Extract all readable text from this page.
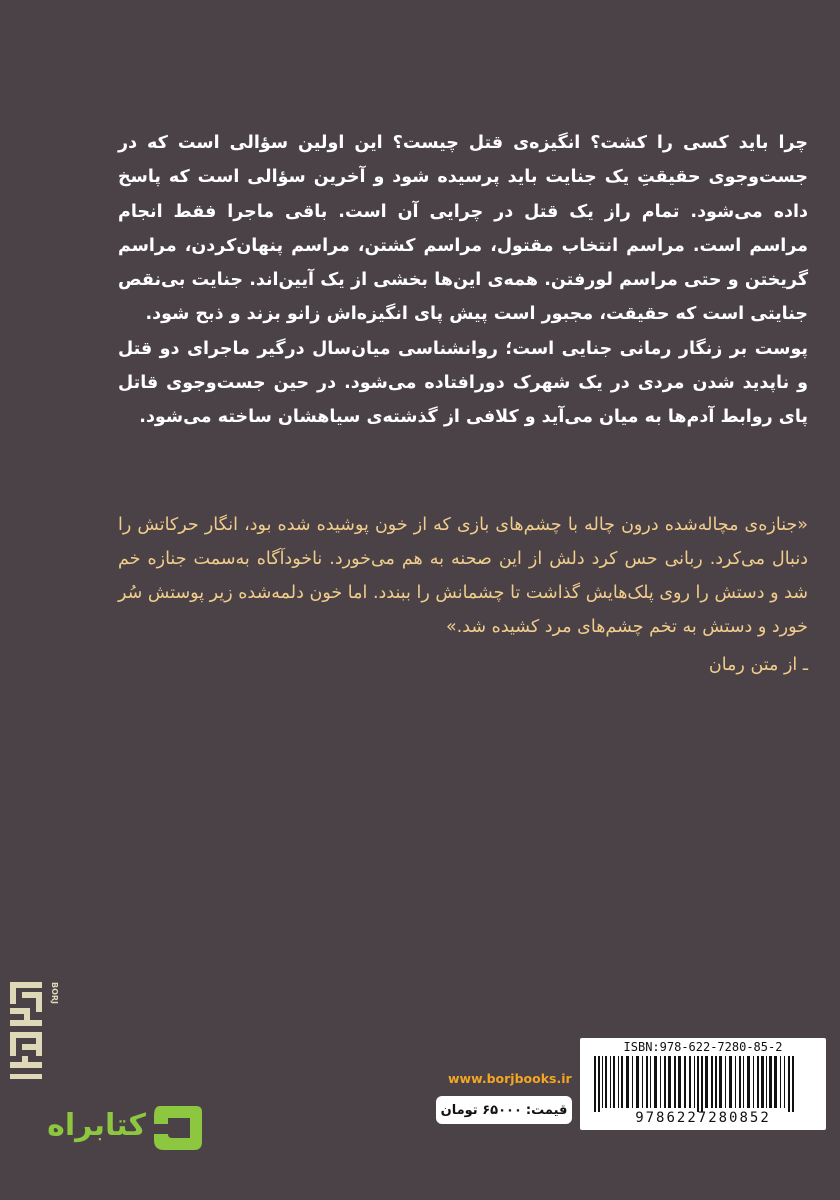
چرا باید کسی را کشت؟ انگیزه‌ی قتل چیست؟ این اولین سؤالی است که در جست‌وجوی حقیقتِ یک جنایت باید پرسیده شود و آخرین سؤالی است که پاسخ داده می‌شود. تمام راز یک قتل در چرایی آن است. باقی ماجرا فقط انجام مراسم است. مراسم انتخاب مقتول، مراسم کشتن، مراسم پنهان‌کردن، مراسم گریختن و حتی مراسم لورفتن. همه‌ی این‌ها بخشی از یک آیین‌اند. جنایت بی‌نقص جنایتی است که حقیقت، مجبور است پیش پای انگیزه‌اش زانو بزند و ذبح شود.

پوست بر زنگار رمانی جنایی است؛ روانشناسی میان‌سال درگیر ماجرای دو قتل و ناپدید شدن مردی در یک شهرک دورافتاده می‌شود. در حین جست‌وجوی قاتل پای روابط آدم‌ها به میان می‌آید و کلافی از گذشته‌ی سیاهشان ساخته می‌شود.

«جنازه‌ی مچاله‌شده درون چاله با چشم‌های بازی که از خون پوشیده شده بود، انگار حرکاتش را دنبال می‌کرد. ربانی حس کرد دلش از این صحنه به هم می‌خورد. ناخودآگاه به‌سمت جنازه خم شد و دستش را روی پلک‌هایش گذاشت تا چشمانش را ببندد. اما خون دلمه‌شده زیر پوستش سُر خورد و دستش به تخم چشم‌های مرد کشیده شد.»

ـ از متن رمان

BORJ
کتابراه
www.borjbooks.ir
قیمت:
۶۵۰۰۰ تومان
ISBN:978-622-7280-85-2
9786227280852
